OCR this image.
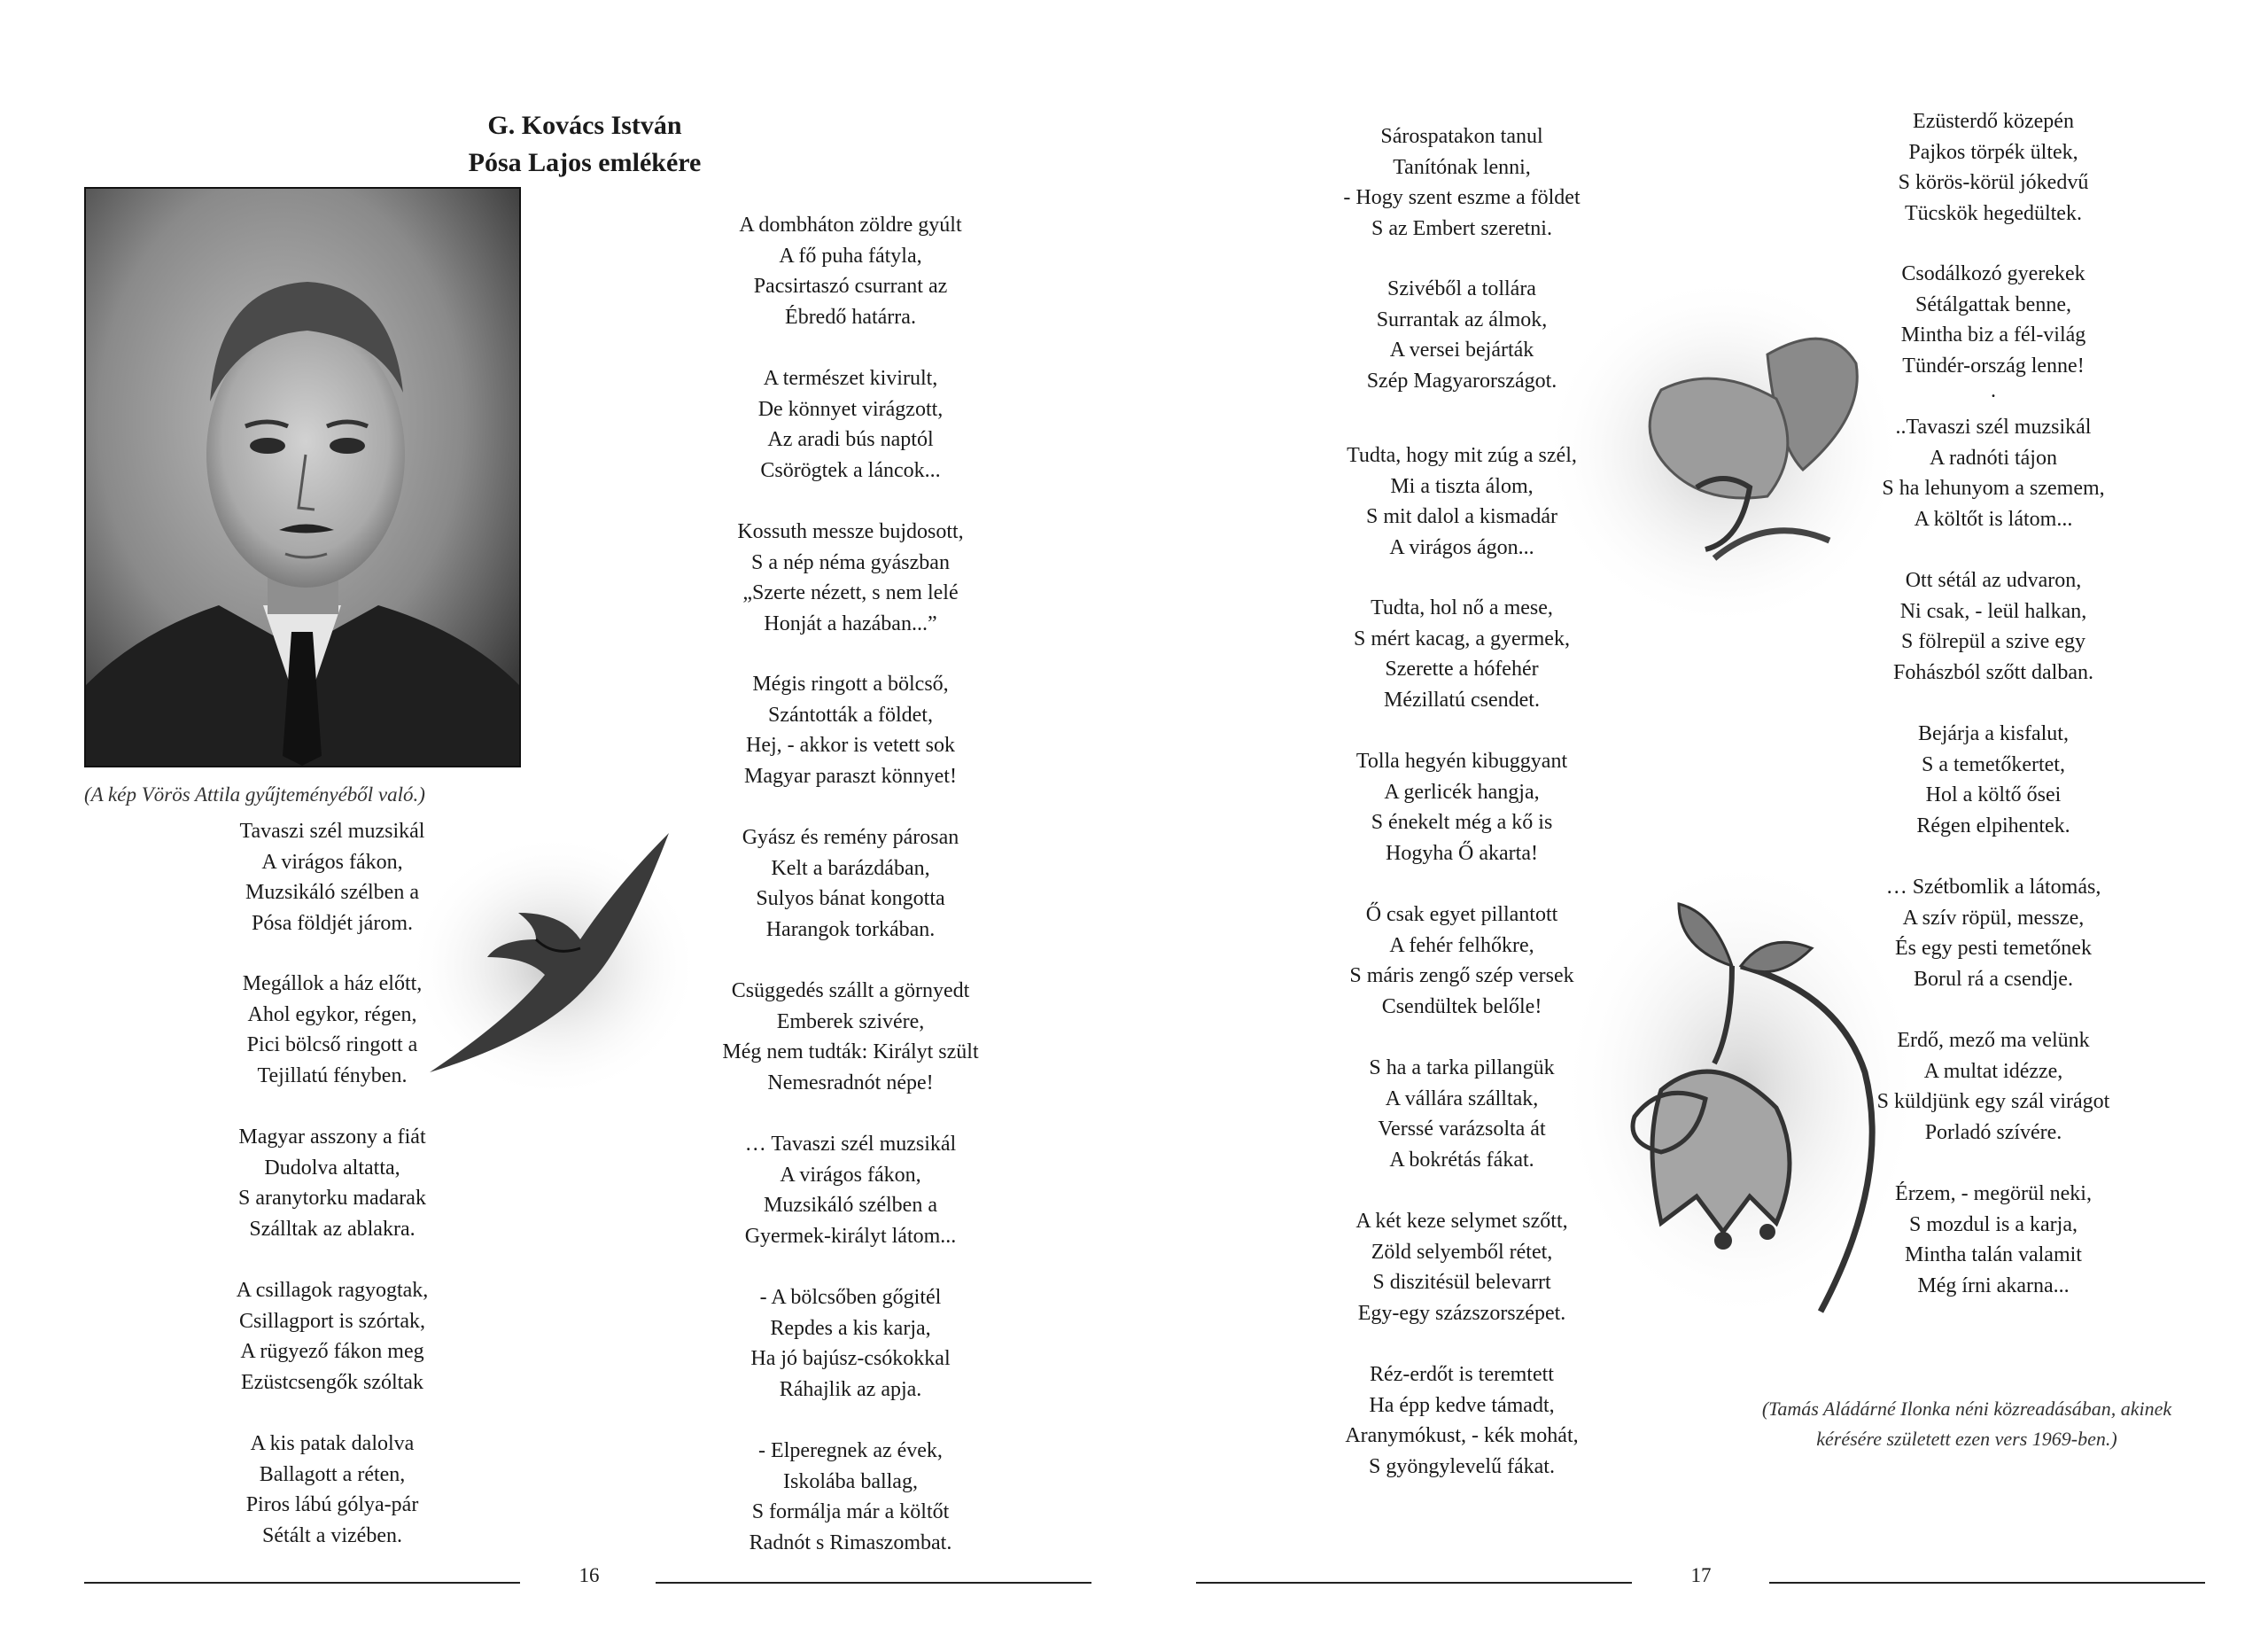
G. Kovács István
Pósa Lajos emlékére
(A kép Vörös Attila gyűjteményéből való.)
Tavaszi szél muzsikál
A virágos fákon,
Muzsikáló szélben a
Pósa földjét járom.
Megállok a ház előtt,
Ahol egykor, régen,
Pici bölcső ringott a
Tejillatú fényben.
Magyar asszony a fiát
Dudolva altatta,
S aranytorku madarak
Szálltak az ablakra.
A csillagok ragyogtak,
Csillagport is szórtak,
A rügyező fákon meg
Ezüstcsengők szóltak
A kis patak dalolva
Ballagott a réten,
Piros lábú gólya-pár
Sétált a vizében.
A dombháton zöldre gyúlt
A fő puha fátyla,
Pacsirtaszó csurrant az
Ébredő határra.
A természet kivirult,
De könnyet virágzott,
Az aradi bús naptól
Csörögtek a láncok...
Kossuth messze bujdosott,
S a nép néma gyászban
„Szerte nézett, s nem lelé
Honját a hazában...”
Mégis ringott a bölcső,
Szántották a földet,
Hej, - akkor is vetett sok
Magyar paraszt könnyet!
Gyász és remény párosan
Kelt a barázdában,
Sulyos bánat kongotta
Harangok torkában.
Csüggedés szállt a görnyedt
Emberek szivére,
Még nem tudták: Királyt szült
Nemesradnót népe!
… Tavaszi szél muzsikál
A virágos fákon,
Muzsikáló szélben a
Gyermek-királyt látom...
- A bölcsőben gőgitél
Repdes a kis karja,
Ha jó bajúsz-csókokkal
Ráhajlik az apja.
- Elperegnek az évek,
Iskolába ballag,
S formálja már a költőt
Radnót s Rimaszombat.
16
Sárospatakon tanul
Tanítónak lenni,
- Hogy szent eszme a földet
S az Embert szeretni.
Szivéből a tollára
Surrantak az álmok,
A versei bejárták
Szép Magyarországot.
Tudta, hogy mit zúg a szél,
Mi a tiszta álom,
S mit dalol a kismadár
A virágos ágon...
Tudta, hol nő a mese,
S mért kacag, a gyermek,
Szerette a hófehér
Mézillatú csendet.
Tolla hegyén kibuggyant
A gerlicék hangja,
S énekelt még a kő is
Hogyha Ő akarta!
Ő csak egyet pillantott
A fehér felhőkre,
S máris zengő szép versek
Csendültek belőle!
S ha a tarka pillangük
A vállára szálltak,
Verssé varázsolta át
A bokrétás fákat.
A két keze selymet szőtt,
Zöld selyemből rétet,
S diszitésül belevarrt
Egy-egy százszorszépet.
Réz-erdőt is teremtett
Ha épp kedve támadt,
Aranymókust, - kék mohát,
S gyöngylevelű fákat.
Ezüsterdő közepén
Pajkos törpék ültek,
S körös-körül jókedvű
Tücskök hegedültek.
Csodálkozó gyerekek
Sétálgattak benne,
Mintha biz a fél-világ
Tündér-ország lenne!
.
..Tavaszi szél muzsikál
A radnóti tájon
S ha lehunyom a szemem,
A költőt is látom...
Ott sétál az udvaron,
Ni csak, - leül halkan,
S fölrepül a szive egy
Fohászból szőtt dalban.
Bejárja a kisfalut,
S a temetőkertet,
Hol a költő ősei
Régen elpihentek.
… Szétbomlik a látomás,
A szív röpül, messze,
És egy pesti temetőnek
Borul rá a csendje.
Erdő, mező ma velünk
A multat idézze,
S küldjünk egy szál virágot
Porladó szívére.
Érzem, - megörül neki,
S mozdul is a karja,
Mintha talán valamit
Még írni akarna...
(Tamás Aládárné Ilonka néni közreadásában, akinek
kérésére született ezen vers 1969-ben.)
17
